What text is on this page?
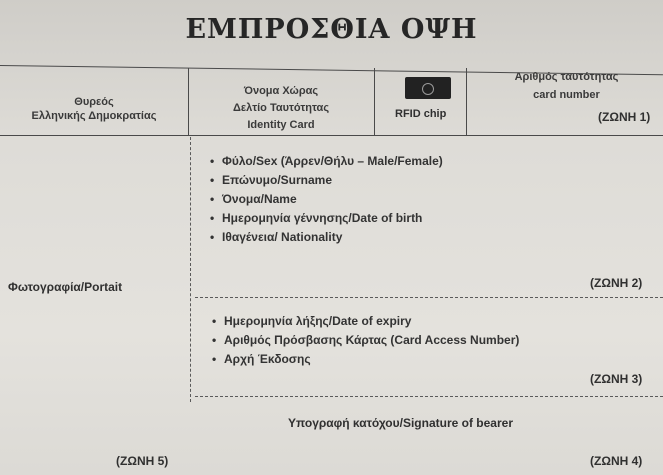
ΕΜΠΡΟΣΘΙΑ ΟΨΗ
Θυρεός
Ελληνικής Δημοκρατίας
Όνομα Χώρας
Δελτίο Ταυτότητας
Identity Card
RFID chip
Αριθμός ταυτότητας
card number
(ΖΩΝΗ 1)
Φωτογραφία/Portait
• Φύλο/Sex (Άρρεν/Θήλυ – Male/Female)
• Επώνυμο/Surname
• Όνομα/Name
• Ημερομηνία γέννησης/Date of birth
• Ιθαγένεια/ Nationality
(ΖΩΝΗ 2)
• Ημερομηνία λήξης/Date of expiry
• Αριθμός Πρόσβασης Κάρτας (Card Access Number)
• Αρχή Έκδοσης
(ΖΩΝΗ 3)
Υπογραφή κατόχου/Signature of bearer
(ΖΩΝΗ 4)
(ΖΩΝΗ 5)
